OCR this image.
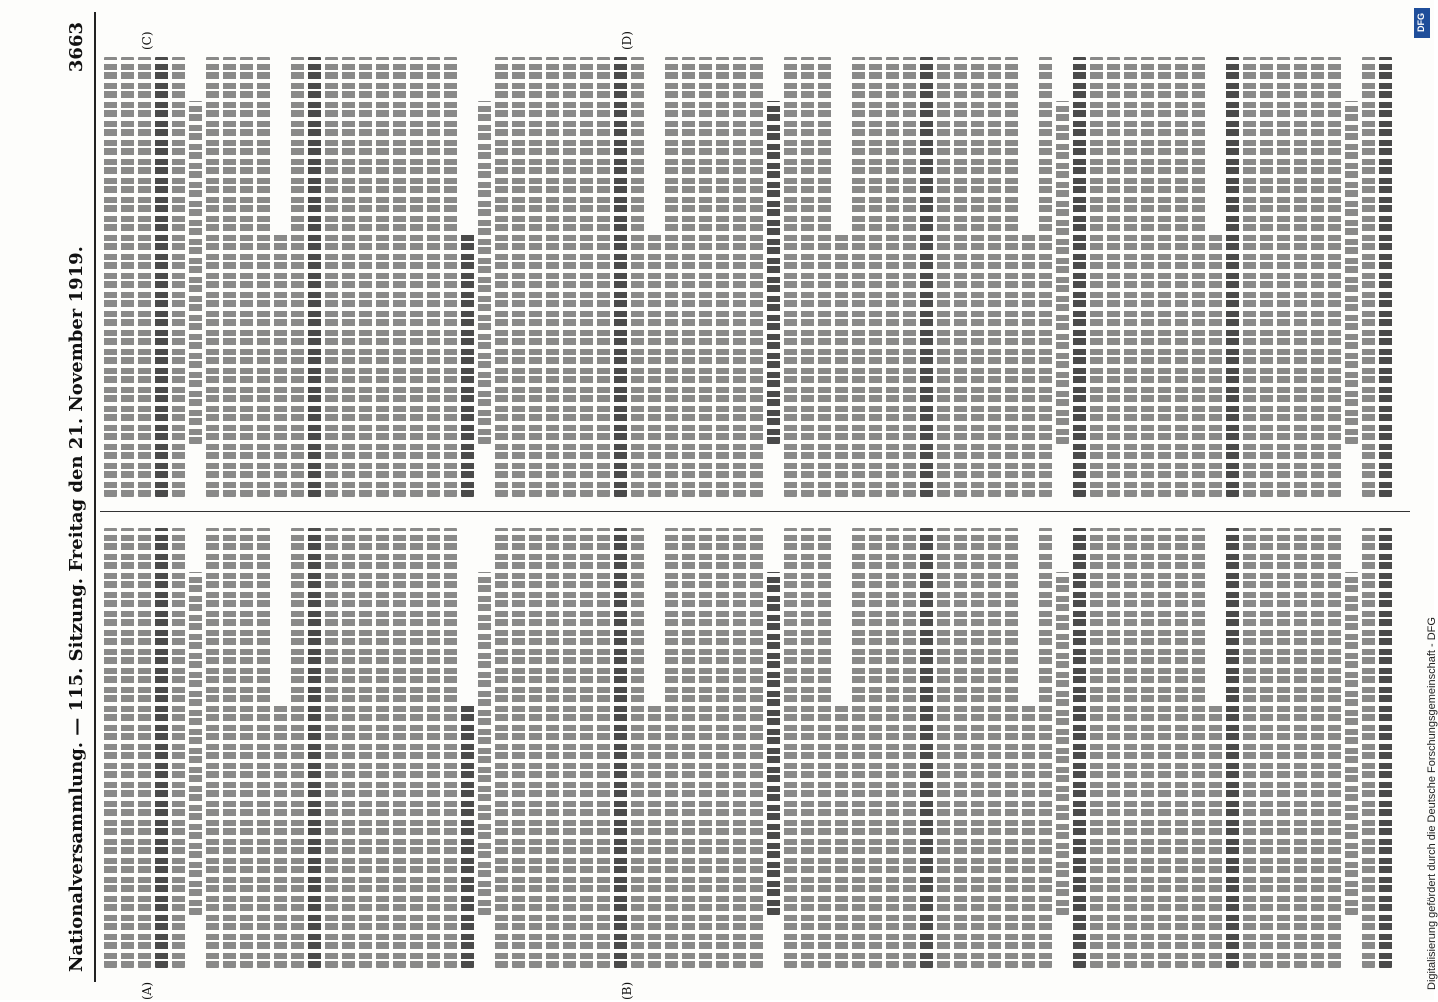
Nationalversammlung. — 115. Sitzung. Freitag den 21. November 1919.
3663
(A)	(B)
(C)	(D)
Digitalisierung gefördert durch die Deutsche Forschungsgemeinschaft - DFG
DFG
